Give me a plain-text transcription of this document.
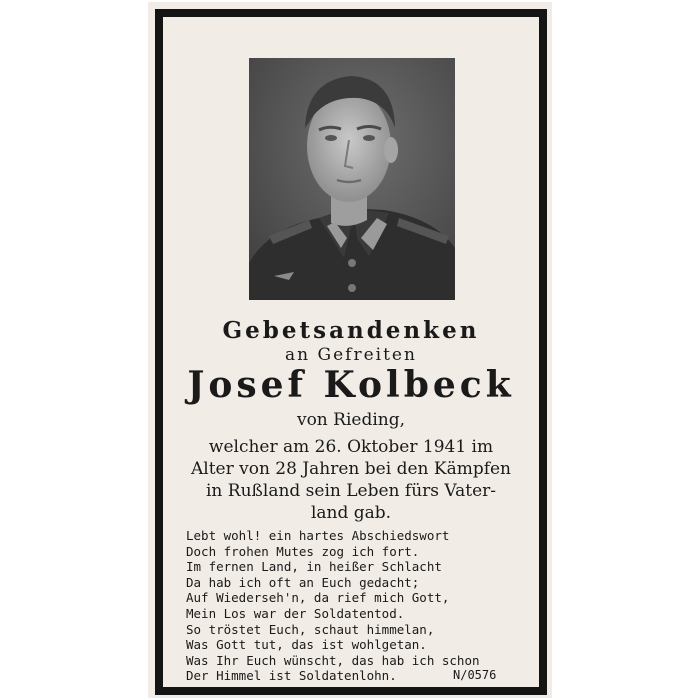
Gebetsandenken
an Gefreiten
Josef Kolbeck
von Rieding,
welcher am 26. Oktober 1941 im
Alter von 28 Jahren bei den Kämpfen
in Rußland sein Leben fürs Vater-
land gab.
Lebt wohl! ein hartes Abschiedswort
Doch frohen Mutes zog ich fort.
Im fernen Land, in heißer Schlacht
Da hab ich oft an Euch gedacht;
Auf Wiederseh'n, da rief mich Gott,
Mein Los war der Soldatentod.
So tröstet Euch, schaut himmelan,
Was Gott tut, das ist wohlgetan.
Was Ihr Euch wünscht, das hab ich schon
Der Himmel ist Soldatenlohn.	N/0576
